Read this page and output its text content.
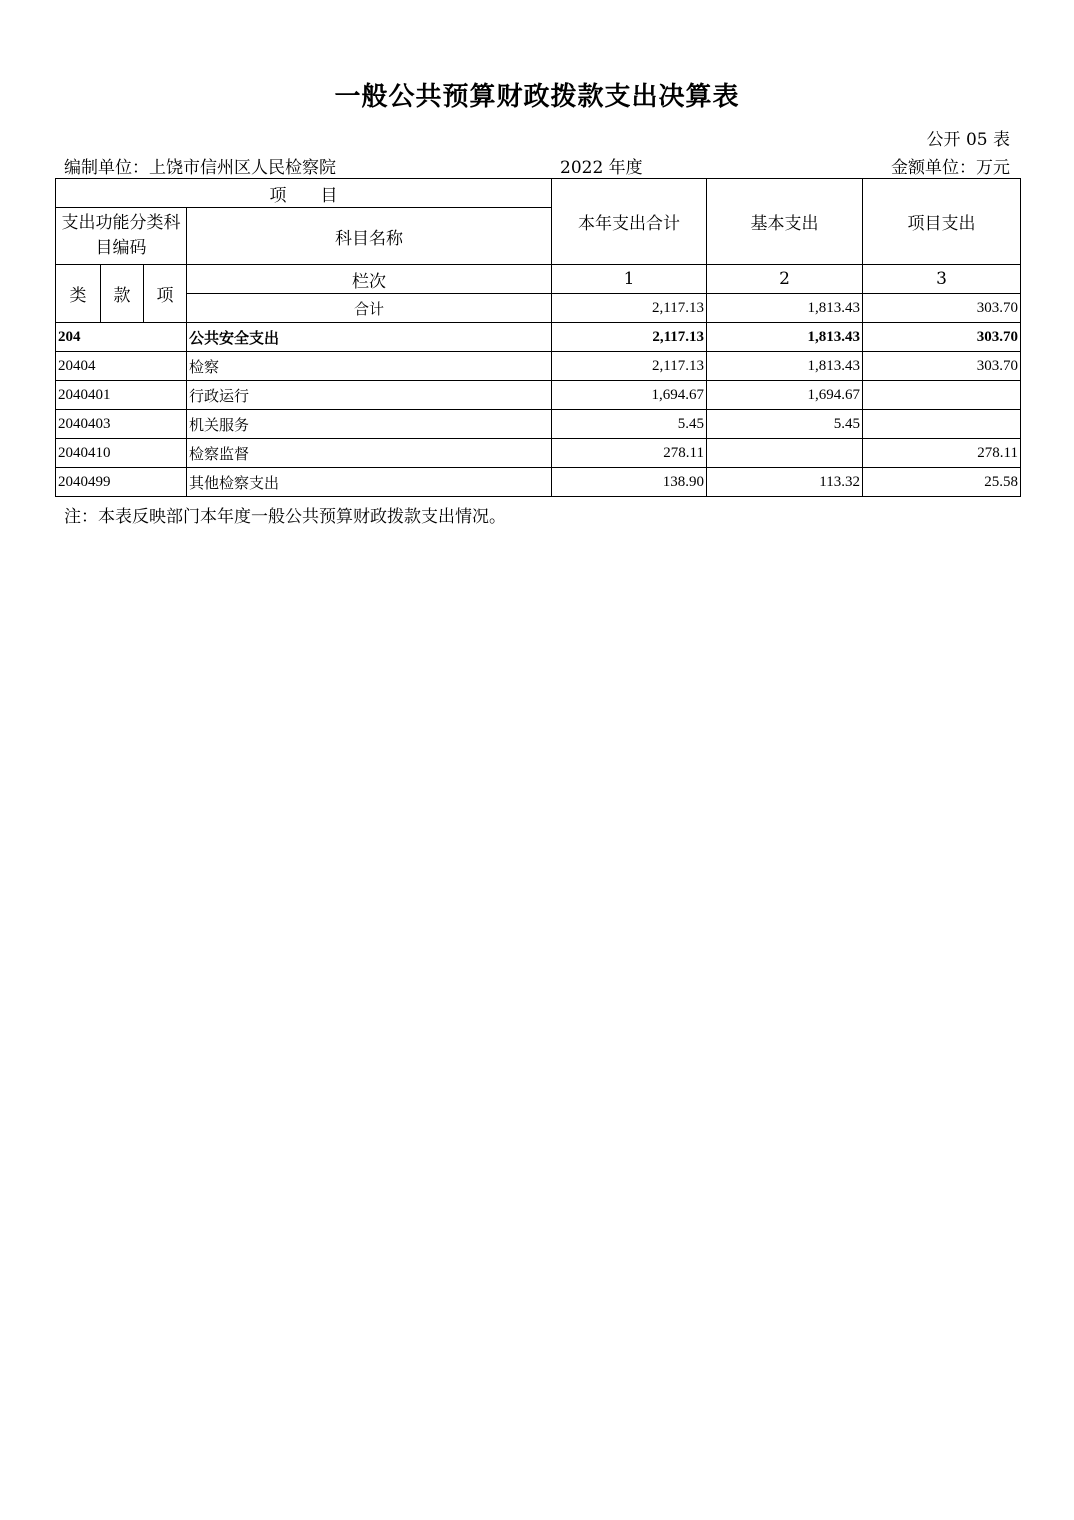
一般公共预算财政拨款支出决算表
公开 05 表
编制单位：上饶市信州区人民检察院	2022 年度	金额单位：万元
项　　目				本年支出合计	基本支出	项目支出
支出功能分类科目编码			科目名称			
类	款	项	栏次	1	2	3
			合计	2,117.13	1,813.43	303.70
204			公共安全支出	2,117.13	1,813.43	303.70
20404			检察	2,117.13	1,813.43	303.70
2040401			行政运行	1,694.67	1,694.67	
2040403			机关服务	5.45	5.45	
2040410			检察监督	278.11		278.11
2040499			其他检察支出	138.90	113.32	25.58
注：本表反映部门本年度一般公共预算财政拨款支出情况。
